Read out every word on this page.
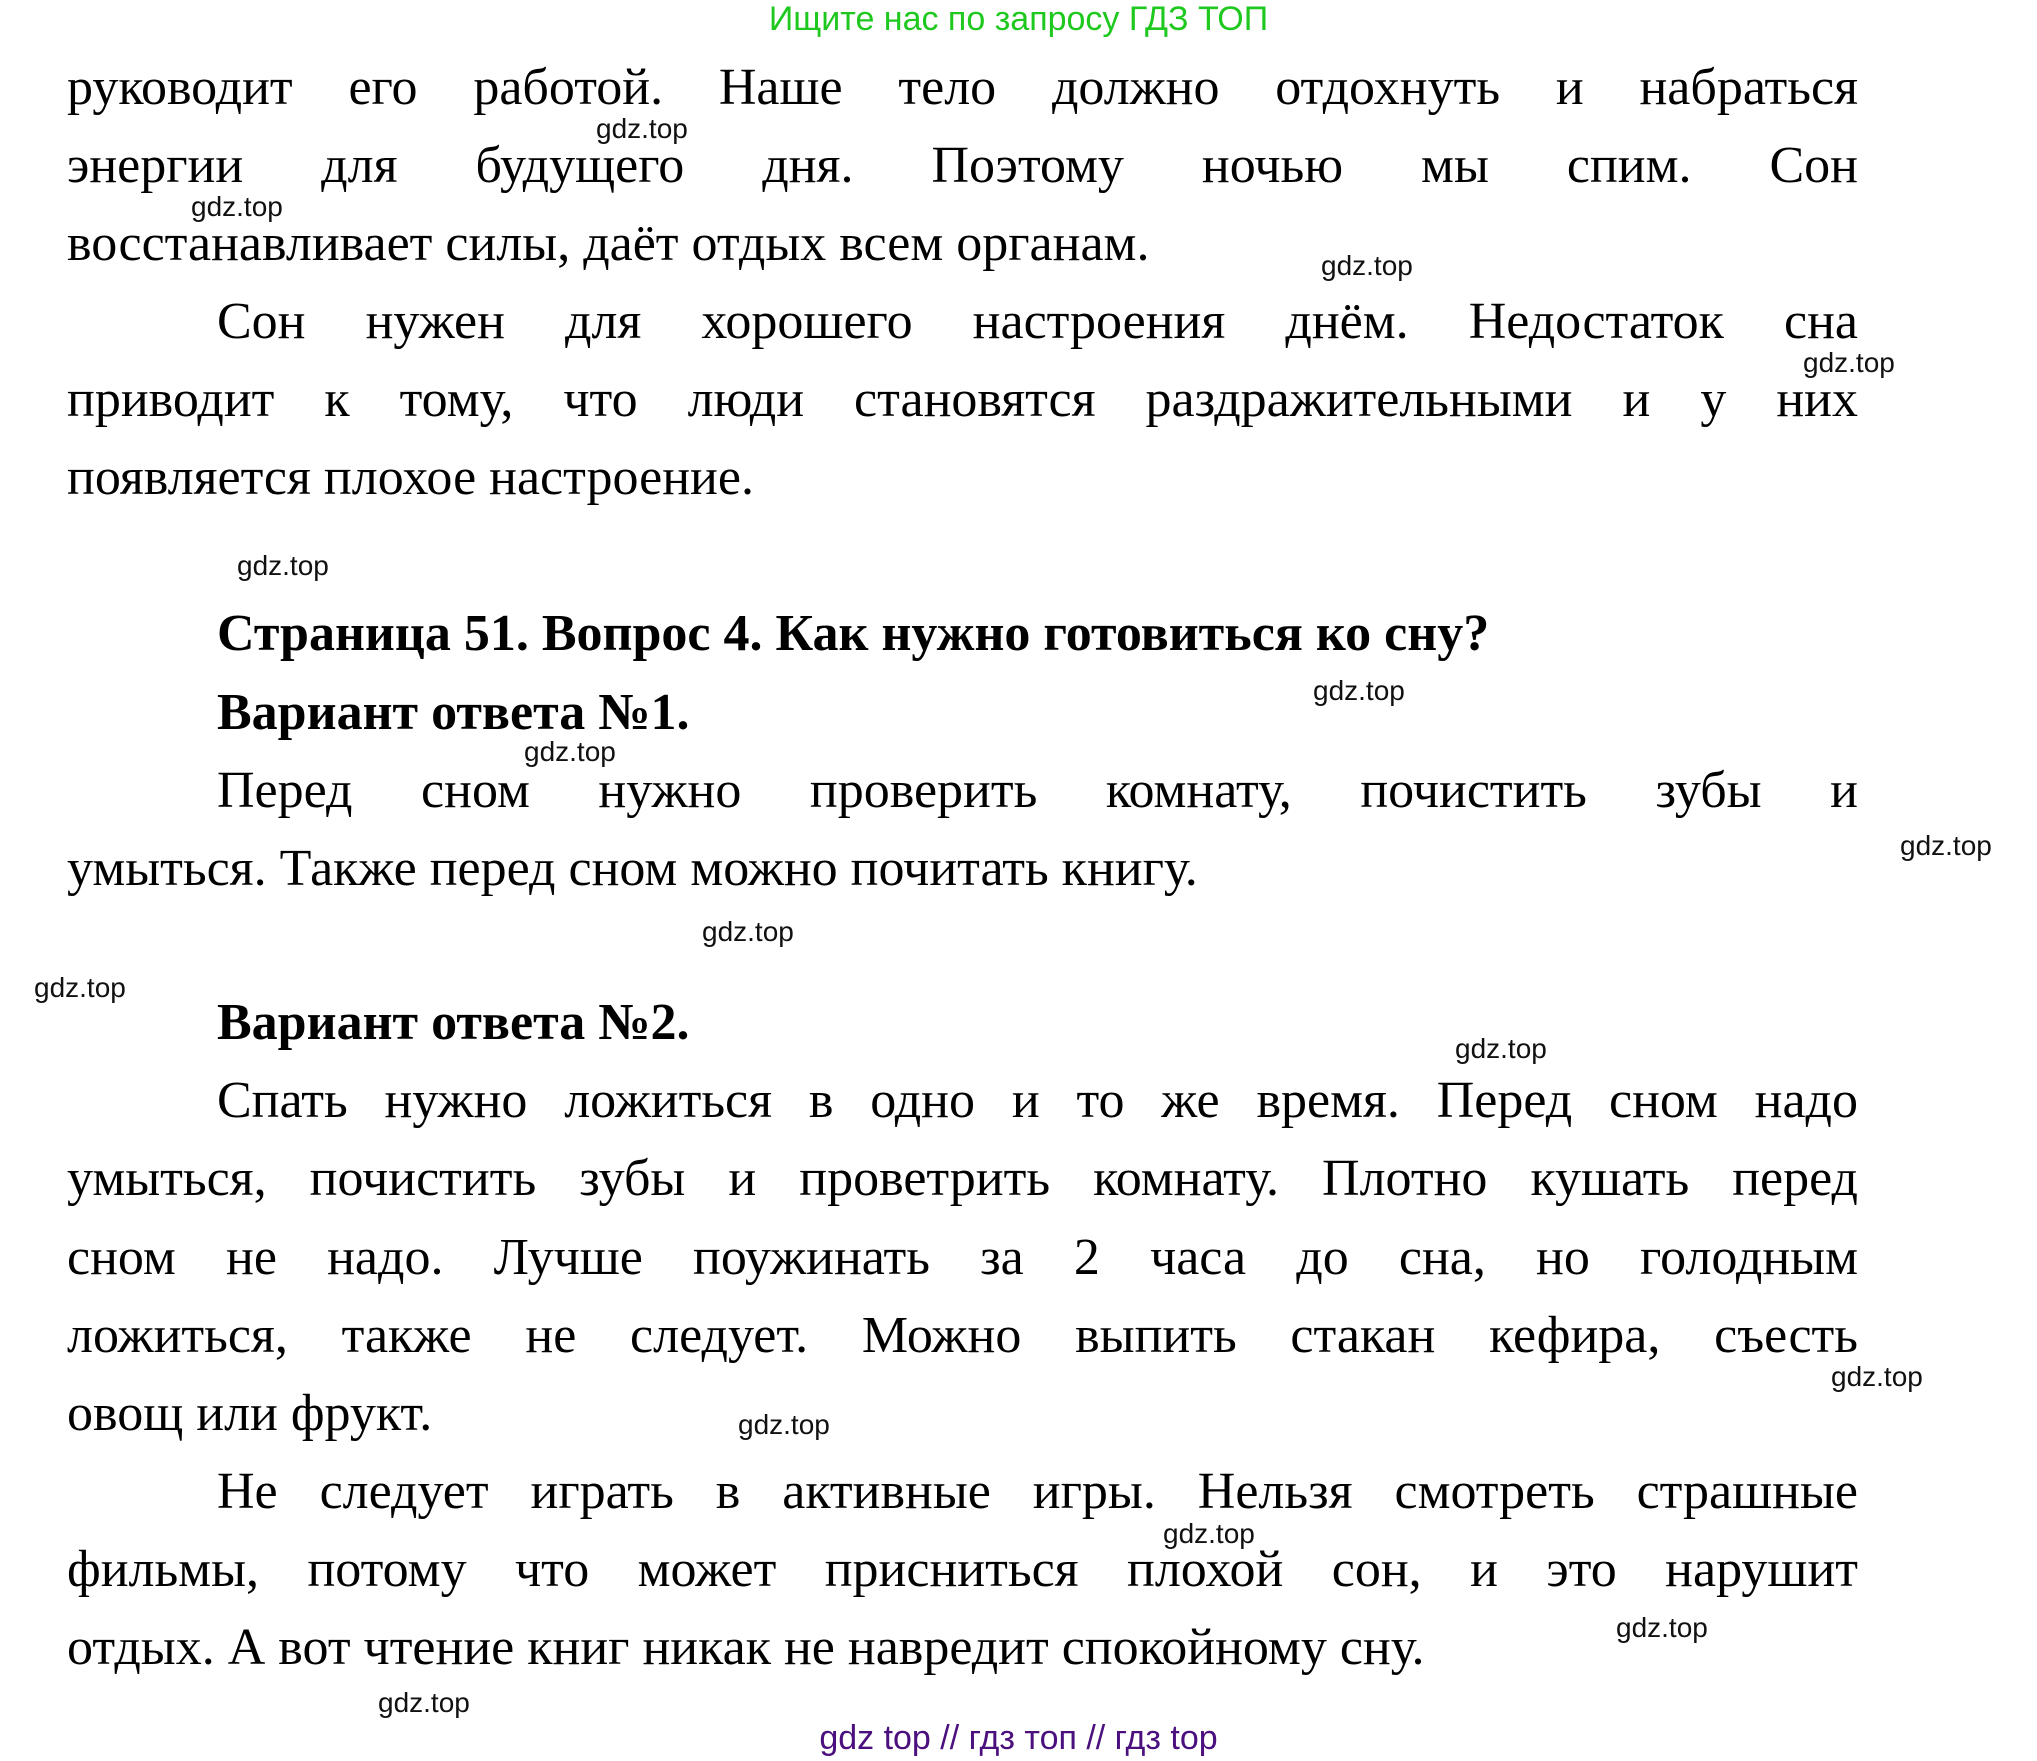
Ищите нас по запросу ГДЗ ТОП
руководит его работой. Наше тело должно отдохнуть и набраться
энергии для будущего дня. Поэтому ночью мы спим. Сон
восстанавливает силы, даёт отдых всем органам.
Сон нужен для хорошего настроения днём. Недостаток сна
приводит к тому, что люди становятся раздражительными и у них
появляется плохое настроение.
Страница 51. Вопрос 4. Как нужно готовиться ко сну?
Вариант ответа №1.
Перед сном нужно проверить комнату, почистить зубы и
умыться. Также перед сном можно почитать книгу.
Вариант ответа №2.
Спать нужно ложиться в одно и то же время. Перед сном надо
умыться, почистить зубы и проветрить комнату. Плотно кушать перед
сном не надо. Лучше поужинать за 2 часа до сна, но голодным
ложиться, также не следует. Можно выпить стакан кефира, съесть
овощ или фрукт.
Не следует играть в активные игры. Нельзя смотреть страшные
фильмы, потому что может присниться плохой сон, и это нарушит
отдых. А вот чтение книг никак не навредит спокойному сну.
gdz.top
gdz.top
gdz.top
gdz.top
gdz.top
gdz.top
gdz.top
gdz.top
gdz.top
gdz.top
gdz.top
gdz.top
gdz.top
gdz.top
gdz.top
gdz.top
gdz top // гдз топ // гдз top
